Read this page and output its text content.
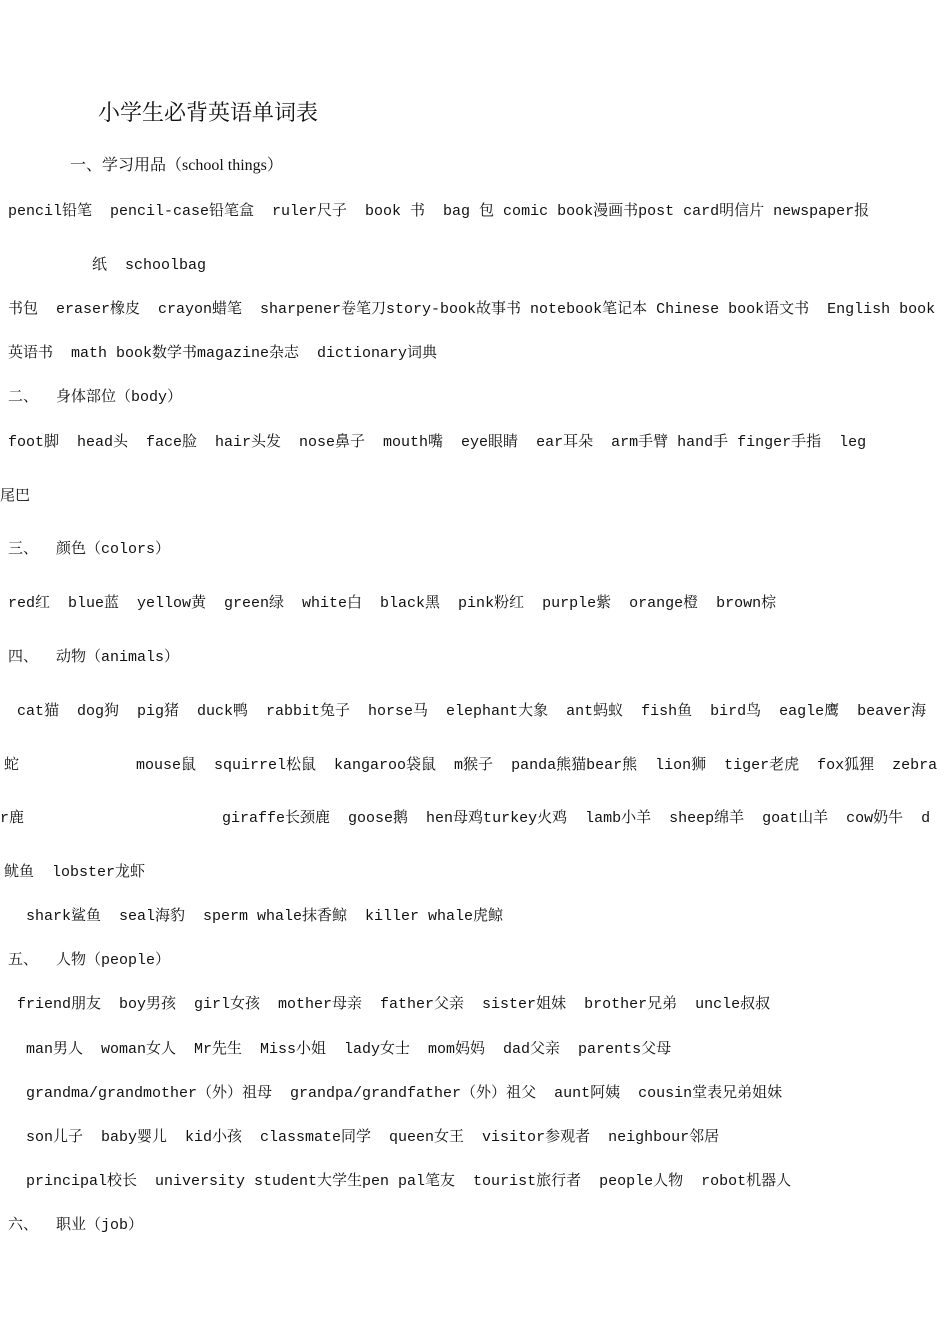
小学生必背英语单词表
一、学习用品（school things）
pencil铅笔  pencil-case铅笔盒  ruler尺子  book 书  bag 包 comic book漫画书post card明信片 newspaper报
纸  schoolbag
书包  eraser橡皮  crayon蜡笔  sharpener卷笔刀story-book故事书 notebook笔记本 Chinese book语文书  English book
英语书  math book数学书magazine杂志  dictionary词典
二、  身体部位（body）
foot脚  head头  face脸  hair头发  nose鼻子  mouth嘴  eye眼睛  ear耳朵  arm手臂 hand手 finger手指  leg
尾巴
三、  颜色（colors）
red红  blue蓝  yellow黄  green绿  white白  black黑  pink粉红  purple紫  orange橙  brown棕
四、  动物（animals）
cat猫  dog狗  pig猪  duck鸭  rabbit兔子  horse马  elephant大象  ant蚂蚁  fish鱼  bird鸟  eagle鹰  beaver海
蛇             mouse鼠  squirrel松鼠  kangaroo袋鼠  m猴子  panda熊猫bear熊  lion狮  tiger老虎  fox狐狸  zebra
r鹿                      giraffe长颈鹿  goose鹅  hen母鸡turkey火鸡  lamb小羊  sheep绵羊  goat山羊  cow奶牛  d
鱿鱼  lobster龙虾
shark鲨鱼  seal海豹  sperm whale抹香鲸  killer whale虎鲸
五、  人物（people）
friend朋友  boy男孩  girl女孩  mother母亲  father父亲  sister姐妹  brother兄弟  uncle叔叔
man男人  woman女人  Mr先生  Miss小姐  lady女士  mom妈妈  dad父亲  parents父母
grandma/grandmother（外）祖母  grandpa/grandfather（外）祖父  aunt阿姨  cousin堂表兄弟姐妹
son儿子  baby婴儿  kid小孩  classmate同学  queen女王  visitor参观者  neighbour邻居
principal校长  university student大学生pen pal笔友  tourist旅行者  people人物  robot机器人
六、  职业（job）
